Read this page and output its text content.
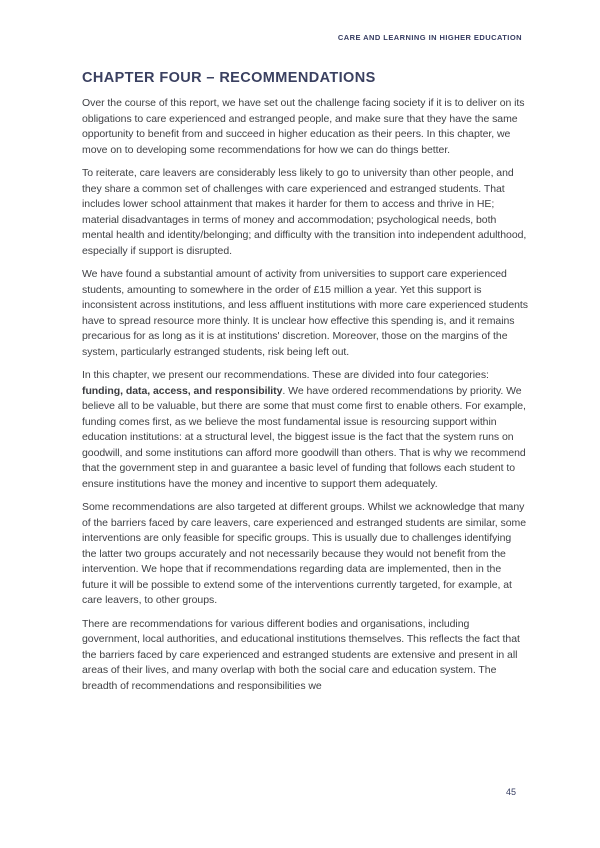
CARE AND LEARNING IN HIGHER EDUCATION
CHAPTER FOUR – RECOMMENDATIONS

Over the course of this report, we have set out the challenge facing society if it is to deliver on its obligations to care experienced and estranged people, and make sure that they have the same opportunity to benefit from and succeed in higher education as their peers. In this chapter, we move on to developing some recommendations for how we can do things better.

To reiterate, care leavers are considerably less likely to go to university than other people, and they share a common set of challenges with care experienced and estranged students. That includes lower school attainment that makes it harder for them to access and thrive in HE; material disadvantages in terms of money and accommodation; psychological needs, both mental health and identity/belonging; and difficulty with the transition into independent adulthood, especially if support is disrupted.

We have found a substantial amount of activity from universities to support care experienced students, amounting to somewhere in the order of £15 million a year. Yet this support is inconsistent across institutions, and less affluent institutions with more care experienced students have to spread resource more thinly. It is unclear how effective this spending is, and it remains precarious for as long as it is at institutions' discretion. Moreover, those on the margins of the system, particularly estranged students, risk being left out.

In this chapter, we present our recommendations. These are divided into four categories: funding, data, access, and responsibility. We have ordered recommendations by priority. We believe all to be valuable, but there are some that must come first to enable others. For example, funding comes first, as we believe the most fundamental issue is resourcing support within education institutions: at a structural level, the biggest issue is the fact that the system runs on goodwill, and some institutions can afford more goodwill than others. That is why we recommend that the government step in and guarantee a basic level of funding that follows each student to ensure institutions have the money and incentive to support them adequately.

Some recommendations are also targeted at different groups. Whilst we acknowledge that many of the barriers faced by care leavers, care experienced and estranged students are similar, some interventions are only feasible for specific groups. This is usually due to challenges identifying the latter two groups accurately and not necessarily because they would not benefit from the intervention. We hope that if recommendations regarding data are implemented, then in the future it will be possible to extend some of the interventions currently targeted, for example, at care leavers, to other groups.

There are recommendations for various different bodies and organisations, including government, local authorities, and educational institutions themselves. This reflects the fact that the barriers faced by care experienced and estranged students are extensive and present in all areas of their lives, and many overlap with both the social care and education system. The breadth of recommendations and responsibilities we

45
